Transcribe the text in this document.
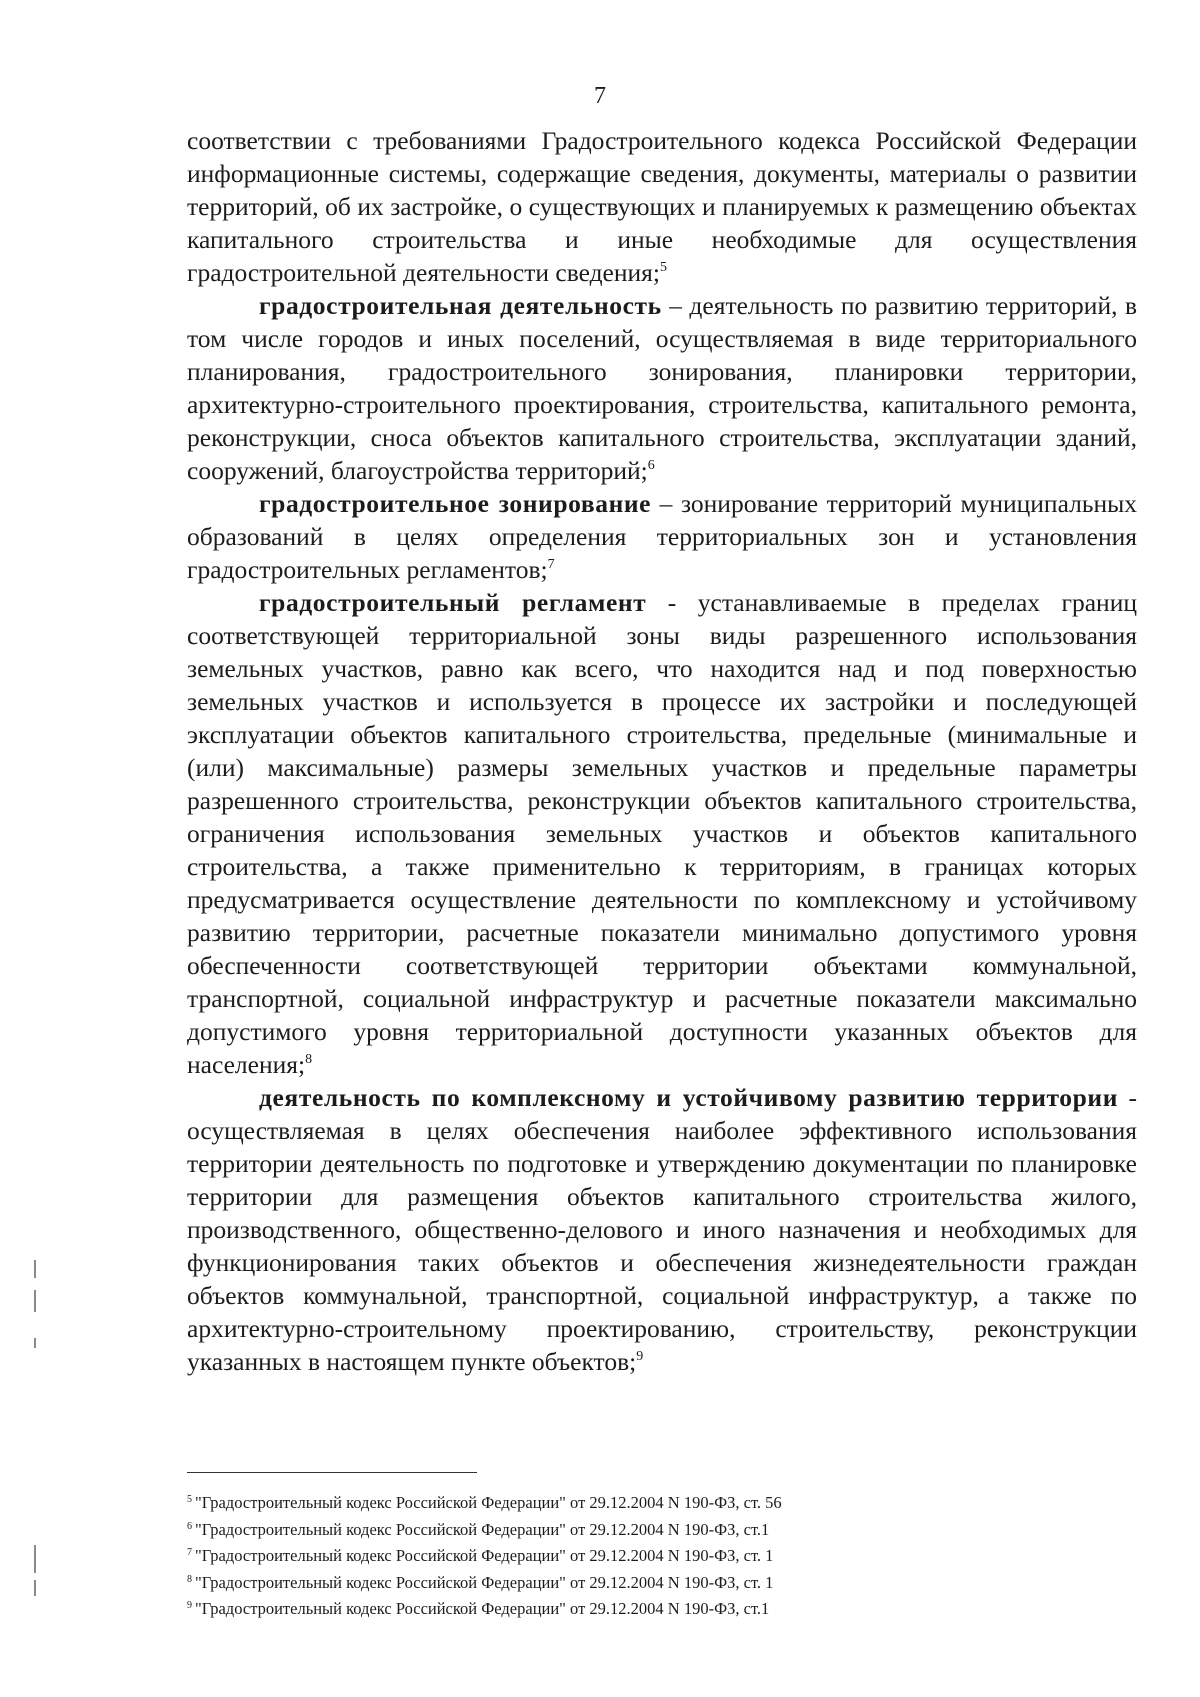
7

соответствии с требованиями Градостроительного кодекса Российской Федерации информационные системы, содержащие сведения, документы, материалы о развитии территорий, об их застройке, о существующих и планируемых к размещению объектах капитального строительства и иные необходимые для осуществления градостроительной деятельности сведения;$^5$

градостроительная деятельность – деятельность по развитию территорий, в том числе городов и иных поселений, осуществляемая в виде территориального планирования, градостроительного зонирования, планировки территории, архитектурно-строительного проектирования, строительства, капитального ремонта, реконструкции, сноса объектов капитального строительства, эксплуатации зданий, сооружений, благоустройства территорий;$^6$

градостроительное зонирование – зонирование территорий муниципальных образований в целях определения территориальных зон и установления градостроительных регламентов;$^7$

градостроительный регламент - устанавливаемые в пределах границ соответствующей территориальной зоны виды разрешенного использования земельных участков, равно как всего, что находится над и под поверхностью земельных участков и используется в процессе их застройки и последующей эксплуатации объектов капитального строительства, предельные (минимальные и (или) максимальные) размеры земельных участков и предельные параметры разрешенного строительства, реконструкции объектов капитального строительства, ограничения использования земельных участков и объектов капитального строительства, а также применительно к территориям, в границах которых предусматривается осуществление деятельности по комплексному и устойчивому развитию территории, расчетные показатели минимально допустимого уровня обеспеченности соответствующей территории объектами коммунальной, транспортной, социальной инфраструктур и расчетные показатели максимально допустимого уровня территориальной доступности указанных объектов для населения;$^8$

деятельность по комплексному и устойчивому развитию территории - осуществляемая в целях обеспечения наиболее эффективного использования территории деятельность по подготовке и утверждению документации по планировке территории для размещения объектов капитального строительства жилого, производственного, общественно-делового и иного назначения и необходимых для функционирования таких объектов и обеспечения жизнедеятельности граждан объектов коммунальной, транспортной, социальной инфраструктур, а также по архитектурно-строительному проектированию, строительству, реконструкции указанных в настоящем пункте объектов;$^9$

$^5$ "Градостроительный кодекс Российской Федерации" от 29.12.2004 N 190-ФЗ, ст. 56

$^6$ "Градостроительный кодекс Российской Федерации" от 29.12.2004 N 190-ФЗ, ст.1

$^7$ "Градостроительный кодекс Российской Федерации" от 29.12.2004 N 190-ФЗ, ст. 1

$^8$ "Градостроительный кодекс Российской Федерации" от 29.12.2004 N 190-ФЗ, ст. 1

$^9$ "Градостроительный кодекс Российской Федерации" от 29.12.2004 N 190-ФЗ, ст.1
